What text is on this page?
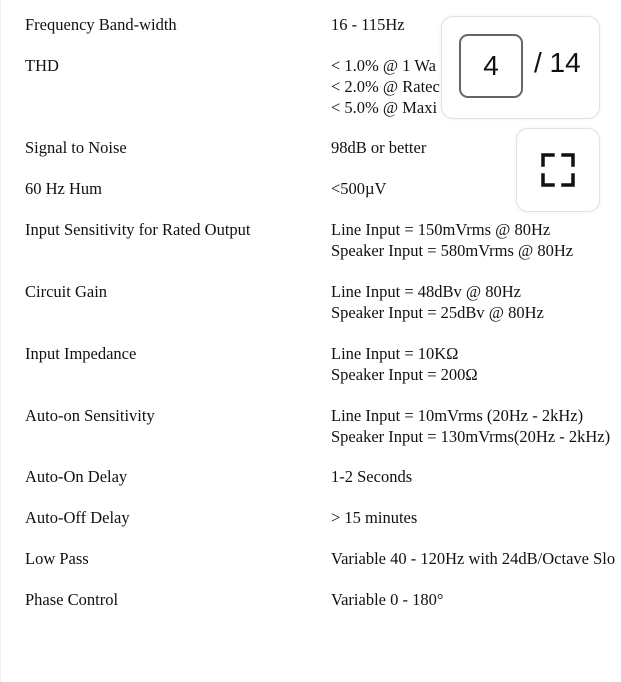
Frequency Band-width	16 - 115Hz
THD	< 1.0% @ 1 Wa
< 2.0% @ Ratec
< 5.0% @ Maxi
Signal to Noise	98dB or better
60 Hz Hum	<500µV
Input Sensitivity for Rated Output	Line Input = 150mVrms @ 80Hz
Speaker Input = 580mVrms @ 80Hz
Circuit Gain	Line Input = 48dBv @ 80Hz
Speaker Input = 25dBv @ 80Hz
Input Impedance	Line Input = 10KΩ
Speaker Input = 200Ω
Auto-on Sensitivity	Line Input = 10mVrms (20Hz - 2kHz)
Speaker Input = 130mVrms(20Hz - 2kHz)
Auto-On Delay	1-2 Seconds
Auto-Off Delay	> 15 minutes
Low Pass	Variable 40 - 120Hz with 24dB/Octave Slo
Phase Control	Variable 0 - 180°
4	/ 14
